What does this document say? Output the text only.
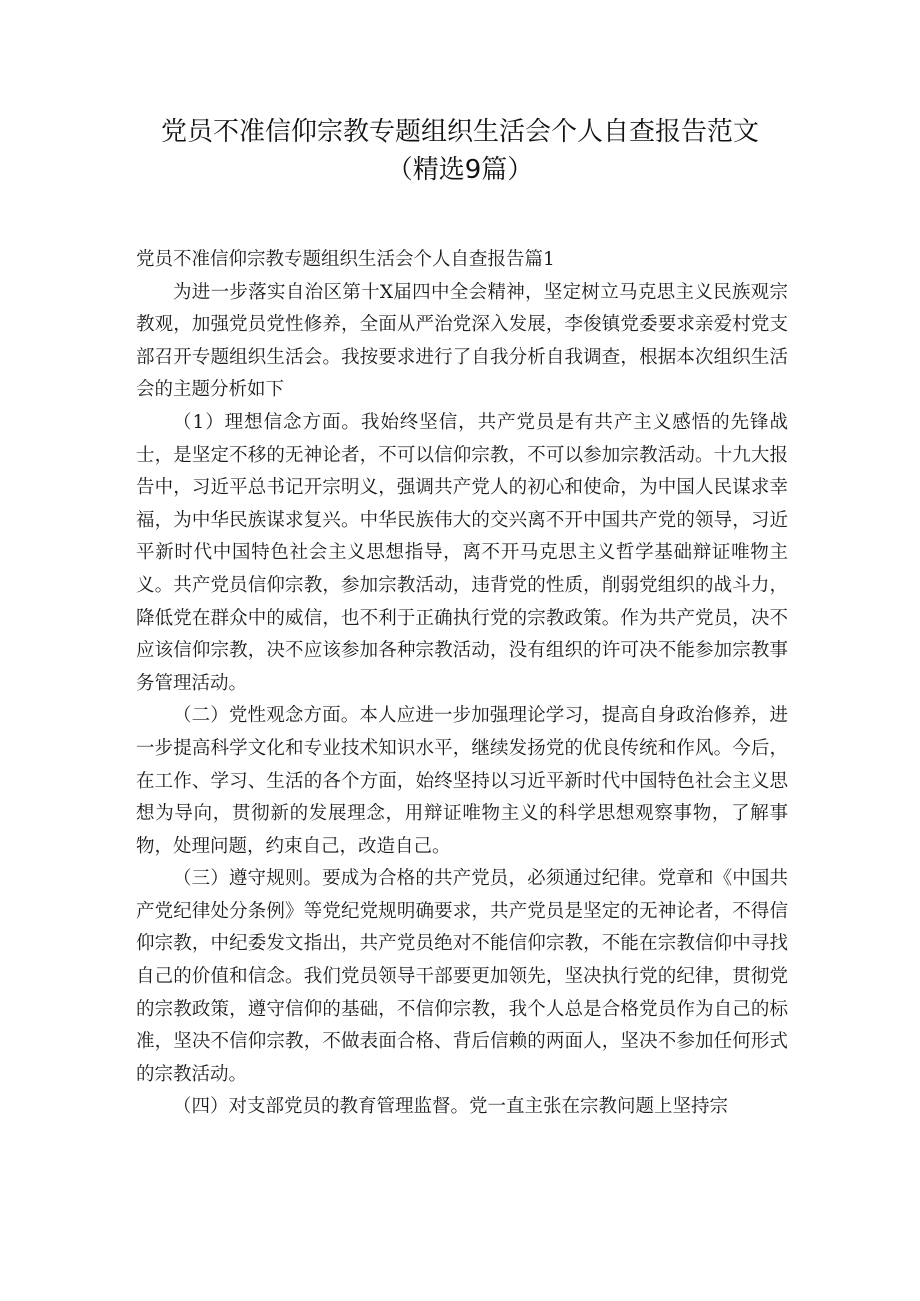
党员不准信仰宗教专题组织生活会个人自查报告范文
（精选9篇）

党员不准信仰宗教专题组织生活会个人自查报告篇1

为进一步落实自治区第十X届四中全会精神，坚定树立马克思主义民族观宗教观，加强党员党性修养，全面从严治党深入发展，李俊镇党委要求亲爱村党支部召开专题组织生活会。我按要求进行了自我分析自我调查，根据本次组织生活会的主题分析如下

（1）理想信念方面。我始终坚信，共产党员是有共产主义感悟的先锋战士，是坚定不移的无神论者，不可以信仰宗教，不可以参加宗教活动。十九大报告中，习近平总书记开宗明义，强调共产党人的初心和使命，为中国人民谋求幸福，为中华民族谋求复兴。中华民族伟大的交兴离不开中国共产党的领导，习近平新时代中国特色社会主义思想指导，离不开马克思主义哲学基础辩证唯物主义。共产党员信仰宗教，参加宗教活动，违背党的性质，削弱党组织的战斗力，降低党在群众中的威信，也不利于正确执行党的宗教政策。作为共产党员，决不应该信仰宗教，决不应该参加各种宗教活动，没有组织的许可决不能参加宗教事务管理活动。

（二）党性观念方面。本人应进一步加强理论学习，提高自身政治修养，进一步提高科学文化和专业技术知识水平，继续发扬党的优良传统和作风。今后，在工作、学习、生活的各个方面，始终坚持以习近平新时代中国特色社会主义思想为导向，贯彻新的发展理念，用辩证唯物主义的科学思想观察事物，了解事物，处理问题，约束自己，改造自己。

（三）遵守规则。要成为合格的共产党员，必须通过纪律。党章和《中国共产党纪律处分条例》等党纪党规明确要求，共产党员是坚定的无神论者，不得信仰宗教，中纪委发文指出，共产党员绝对不能信仰宗教，不能在宗教信仰中寻找自己的价值和信念。我们党员领导干部要更加领先，坚决执行党的纪律，贯彻党的宗教政策，遵守信仰的基础，不信仰宗教，我个人总是合格党员作为自己的标准，坚决不信仰宗教，不做表面合格、背后信赖的两面人，坚决不参加任何形式的宗教活动。

（四）对支部党员的教育管理监督。党一直主张在宗教问题上坚持宗
